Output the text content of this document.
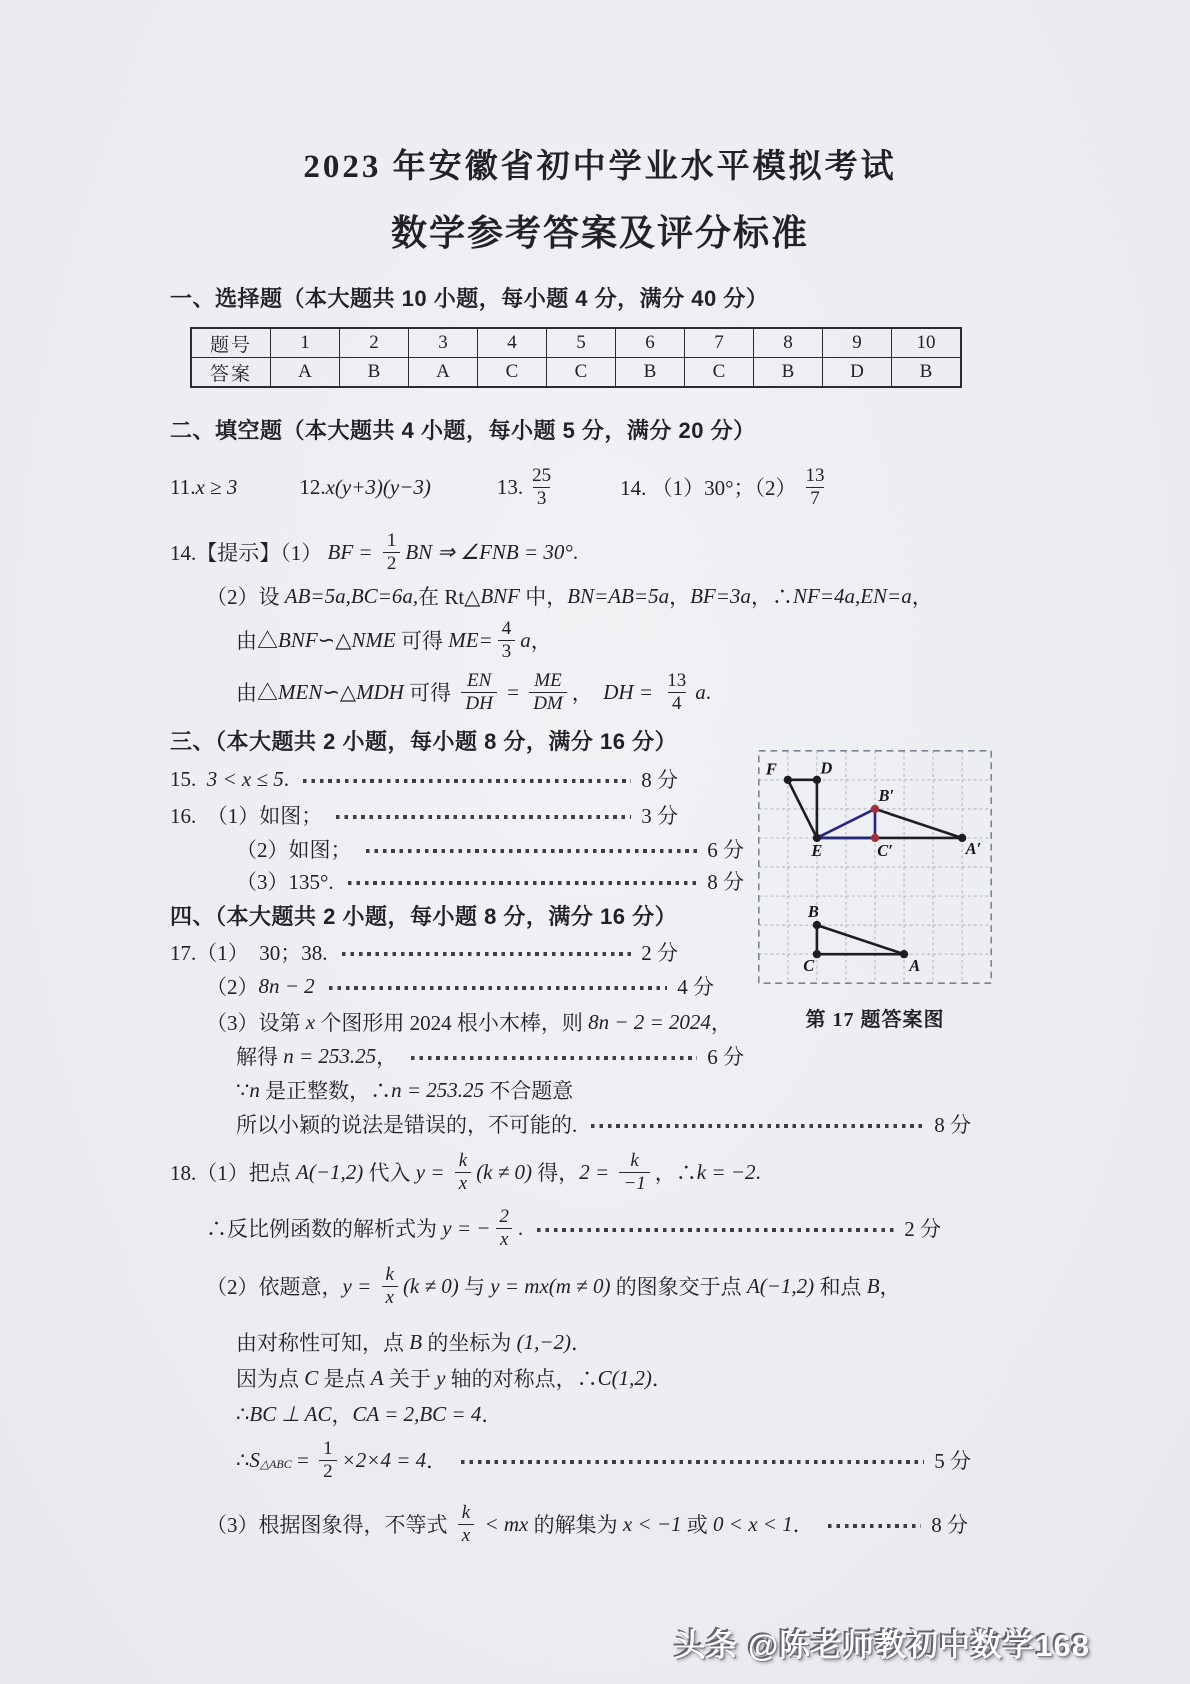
2023 年安徽省初中学业水平模拟考试
数学参考答案及评分标准
一、选择题（本大题共 10 小题，每小题 4 分，满分 40 分）
题号	1	2	3	4	5	6	7	8	9	10
答案	A	B	A	C	C	B	C	B	D	B
二、填空题（本大题共 4 小题，每小题 5 分，满分 20 分）
11. x ≥ 3	12. x(y+3)(y−3)	13. $\frac{25}{3}$	14. （1）30° ；$(2) \frac{13}{7}$
14.【提示】（1） BF = $\frac{1}{2}$ BN ⇒ ∠FNB = 30° .
（2）设 AB=5a,BC=6a, 在 Rt△ BNF 中， BN=AB=5a ， BF=3a ，∴ NF=4a,EN=a ，
由△ BNF ∽△ NME 可得 $ME= \frac{4}{3}$ a ，
由△ MEN ∽△ MDH 可得 $\frac{EN}{DH} = \frac{ME}{DM}$ ， DH = $\frac{13}{4}$ a .
三、（本大题共 2 小题，每小题 8 分，满分 16 分）
15. 3 < x ≤ 5 .	8 分
16.  （1）如图；	3 分
（2）如图；	6 分
（3）135°.	8 分
四、（本大题共 2 小题，每小题 8 分，满分 16 分）
17.（1）  30；38.	2 分
（2） 8n − 2	4 分
（3）设第 x 个图形用 2024 根小木棒，则 8n − 2 = 2024 ，
解得 n = 253.25 ，	6 分
∵ n 是正整数，∴ n = 253.25 不合题意
所以小颖的说法是错误的，不可能的.	8 分
18.（1）把点 A(−1,2) 代入 $y = \frac{k}{x} (k \ne 0)$ 得， $2 = \frac{k}{-1}$ ，∴ k = −2 .
∴反比例函数的解析式为 y = − $\frac{2}{x}$ .	2 分
（2）依题意， $y = \frac{k}{x} (k \ne 0)$ 与 y = mx(m ≠ 0) 的图象交于点 A(−1,2) 和点 B ，
由对称性可知，点 B 的坐标为 (1,−2) ．
因为点 C 是点 A 关于 y 轴的对称点，∴ C(1,2) ．
∴ BC ⊥ AC ， CA = 2,BC = 4 ．
∴ S △ABC = $\frac{1}{2} \times 2\times 4 = 4$ ．	5 分
（3）根据图象得，不等式 $\frac{k}{x}$ < mx 的解集为 x < −1 或 0 < x < 1 ．	8 分
F	D
E
B′
C′	A′
B
C	A
第 17 题答案图
头条 @陈老师教初中数学168
